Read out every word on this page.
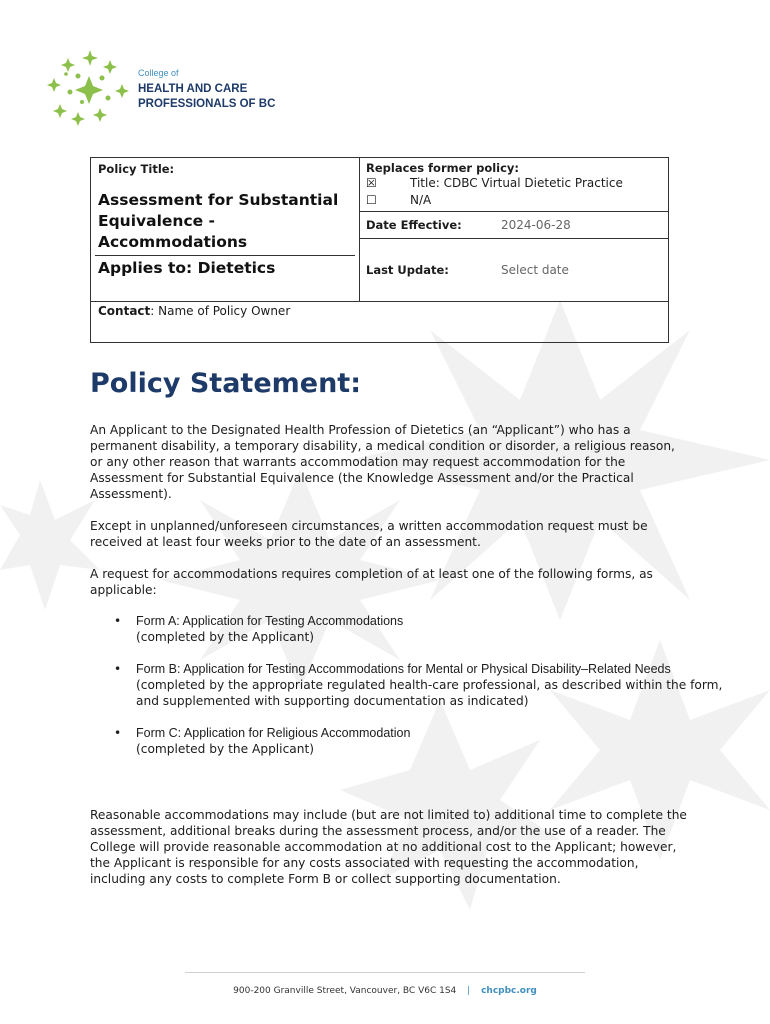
College of
HEALTH AND CARE
PROFESSIONALS OF BC
Policy Title:
Assessment for Substantial Equivalence - Accommodations
Applies to: Dietetics

Replaces former policy:
☒	Title: CDBC Virtual Dietetic Practice
☐	N/A

Date Effective:	2024-06-28

Last Update:	Select date

Contact: Name of Policy Owner
Policy Statement:

An Applicant to the Designated Health Profession of Dietetics (an “Applicant”) who has a permanent disability, a temporary disability, a medical condition or disorder, a religious reason, or any other reason that warrants accommodation may request accommodation for the Assessment for Substantial Equivalence (the Knowledge Assessment and/or the Practical Assessment).

Except in unplanned/unforeseen circumstances, a written accommodation request must be received at least four weeks prior to the date of an assessment.

A request for accommodations requires completion of at least one of the following forms, as applicable:

• Form A: Application for Testing Accommodations
(completed by the Applicant)
• Form B: Application for Testing Accommodations for Mental or Physical Disability–Related Needs
(completed by the appropriate regulated health-care professional, as described within the form, and supplemented with supporting documentation as indicated)
• Form C: Application for Religious Accommodation
(completed by the Applicant)

Reasonable accommodations may include (but are not limited to) additional time to complete the assessment, additional breaks during the assessment process, and/or the use of a reader. The College will provide reasonable accommodation at no additional cost to the Applicant; however, the Applicant is responsible for any costs associated with requesting the accommodation, including any costs to complete Form B or collect supporting documentation.

900-200 Granville Street, Vancouver, BC V6C 1S4 | chcpbc.org
